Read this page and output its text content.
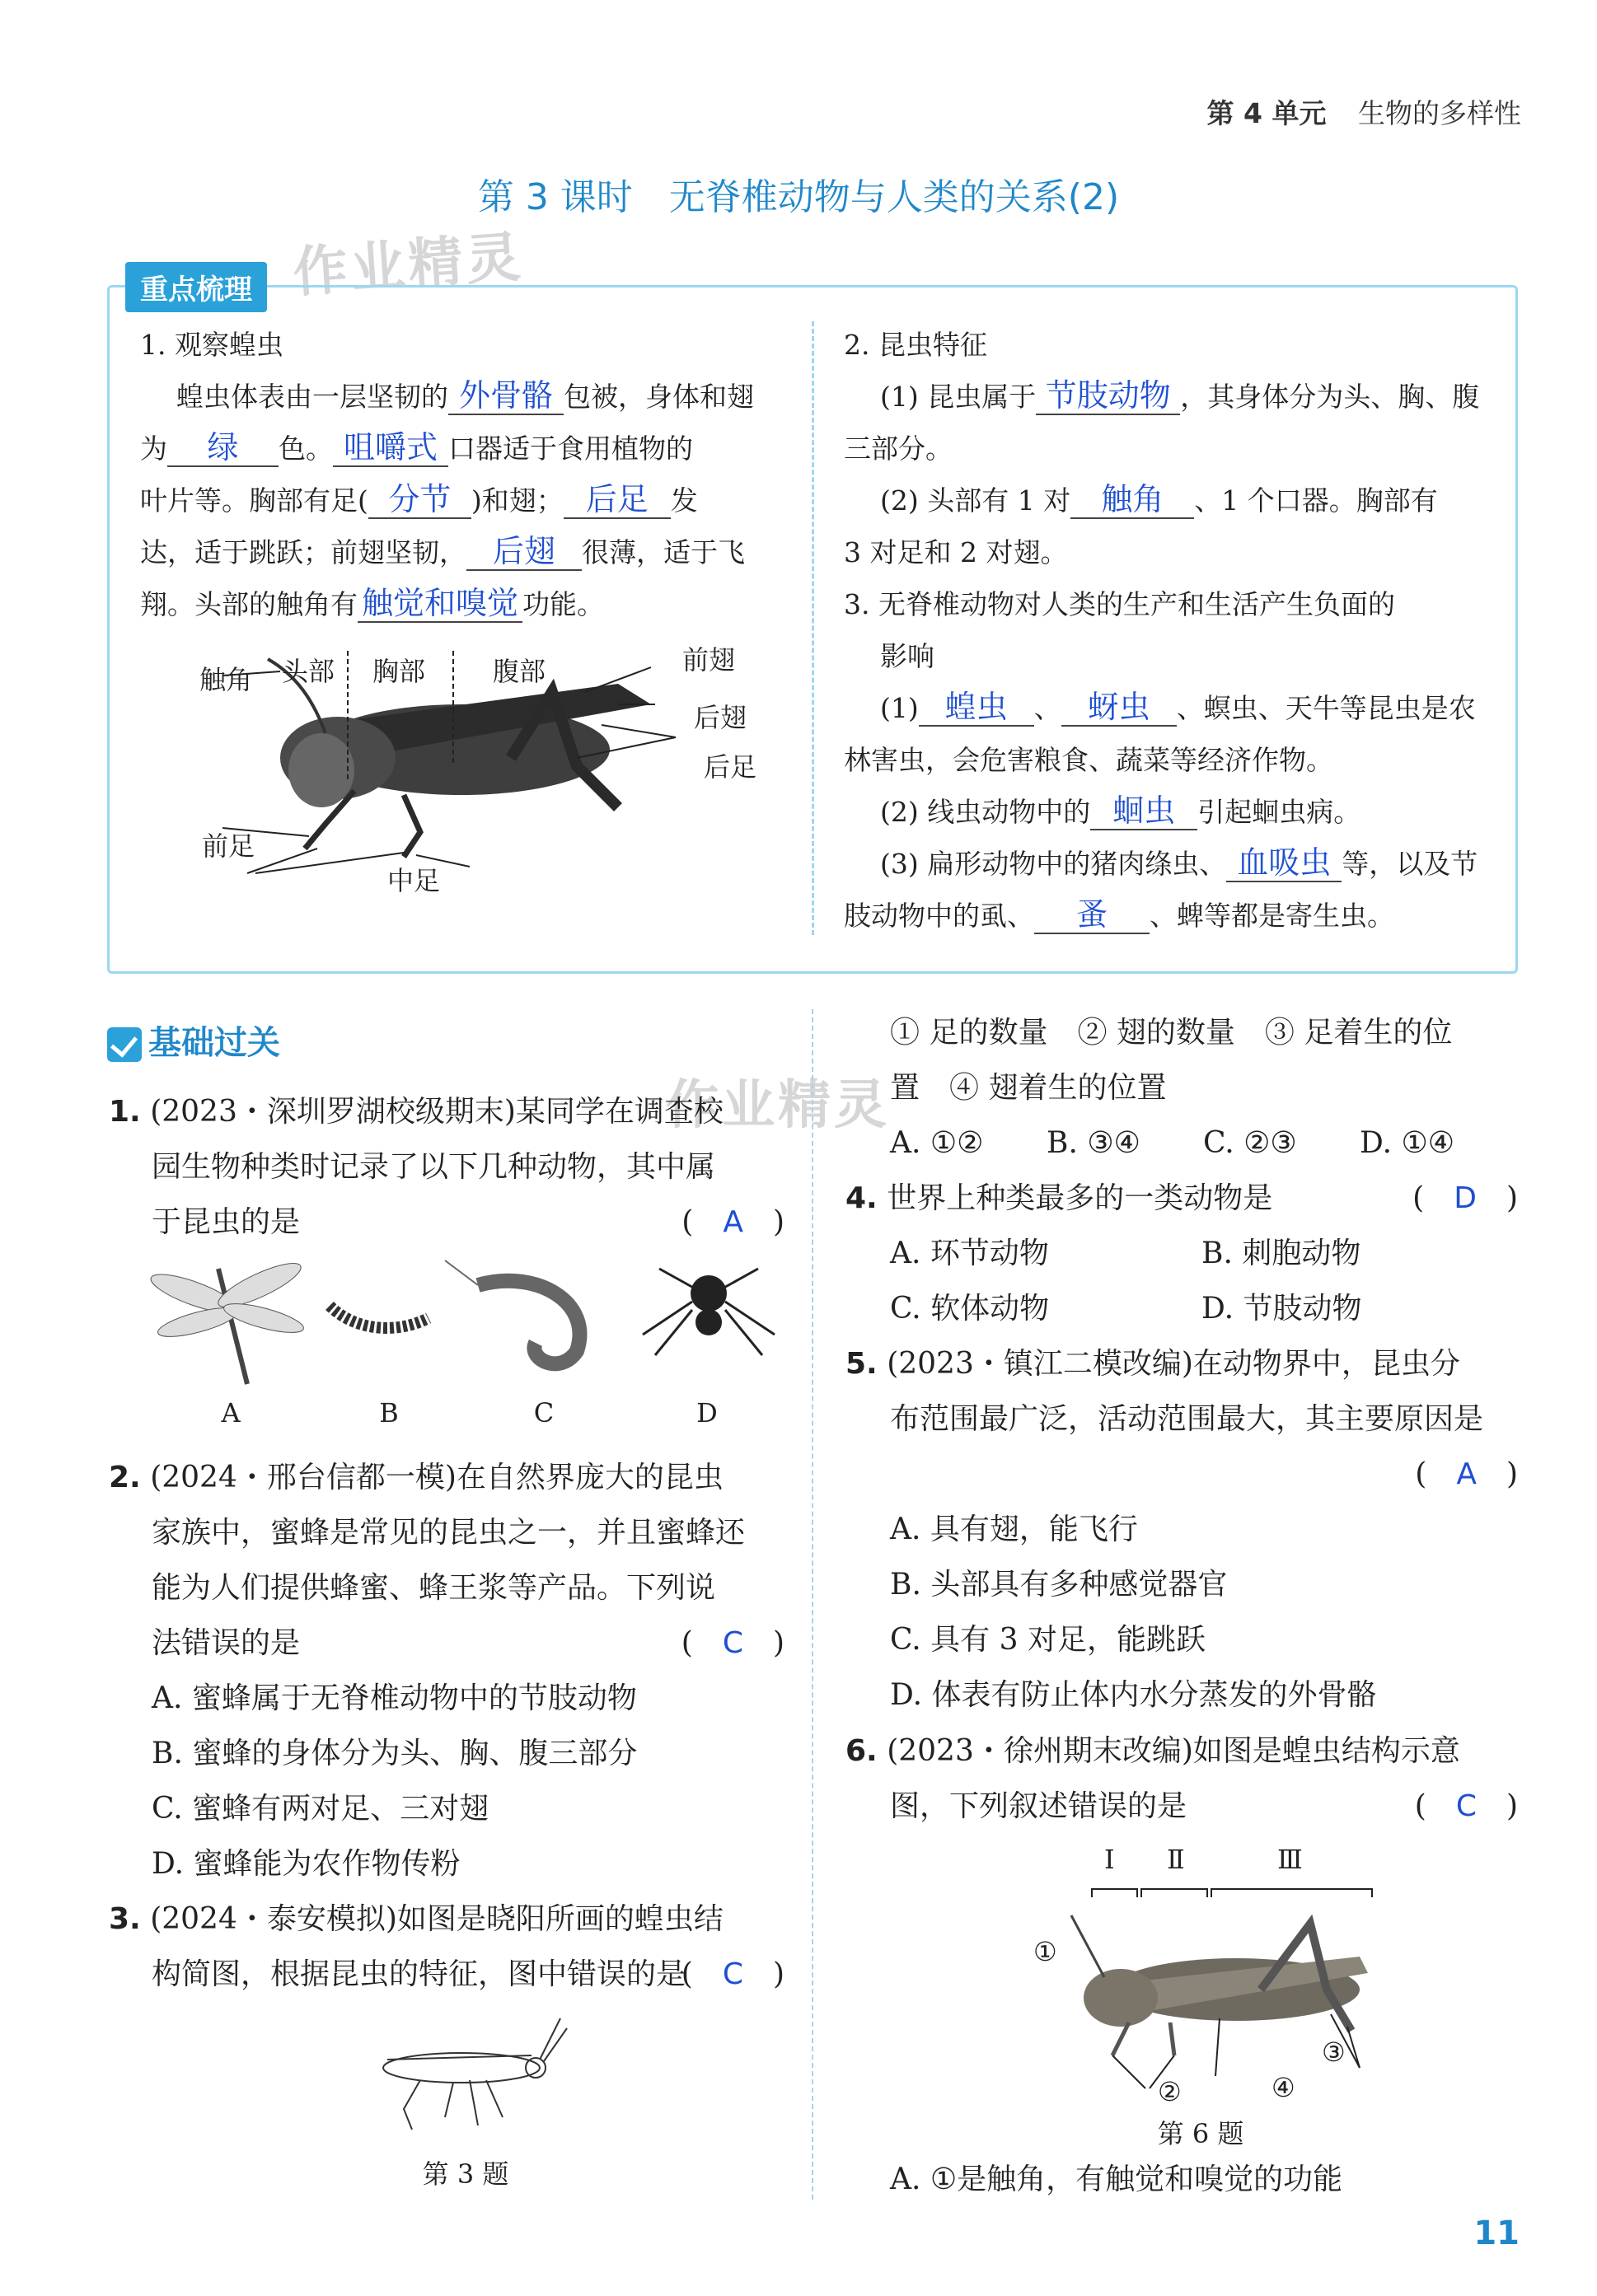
第 4 单元 生物的多样性
第 3 课时　无脊椎动物与人类的关系(2)
作业精灵
作业精灵
重点梳理
1. 观察蝗虫
蝗虫体表由一层坚韧的 外骨骼 包被，身体和翅
为 绿 色。 咀嚼式 口器适于食用植物的
叶片等。胸部有足( 分节 )和翅； 后足 发
达，适于跳跃；前翅坚韧， 后翅 很薄，适于飞
翔。头部的触角有 触觉和嗅觉 功能。
触角 头部 胸部	腹部	前翅
后翅
后足
前足
中足
2. 昆虫特征
(1) 昆虫属于 节肢动物 ，其身体分为头、胸、腹
三部分。
(2) 头部有 1 对 触角 、1 个口器。胸部有
3 对足和 2 对翅。
3. 无脊椎动物对人类的生产和生活产生负面的
影响
(1) 蝗虫 、 蚜虫 、螟虫、天牛等昆虫是农
林害虫，会危害粮食、蔬菜等经济作物。
(2) 线虫动物中的 蛔虫 引起蛔虫病。
(3) 扁形动物中的猪肉绦虫、 血吸虫 等，以及节
肢动物中的虱、 蚤 、蜱等都是寄生虫。
基础过关
1. (2023・深圳罗湖校级期末)某同学在调查校
园生物种类时记录了以下几种动物，其中属
于昆虫的是	(　A　)
A	B	C	D
2. (2024・邢台信都一模)在自然界庞大的昆虫
家族中，蜜蜂是常见的昆虫之一，并且蜜蜂还
能为人们提供蜂蜜、蜂王浆等产品。下列说
法错误的是	(　C　)
A. 蜜蜂属于无脊椎动物中的节肢动物
B. 蜜蜂的身体分为头、胸、腹三部分
C. 蜜蜂有两对足、三对翅
D. 蜜蜂能为农作物传粉
3. (2024・泰安模拟)如图是晓阳所画的蝗虫结
构简图，根据昆虫的特征，图中错误的是
(　C　)
第 3 题
① 足的数量　② 翅的数量　③ 足着生的位
置　④ 翅着生的位置
A. ①②	B. ③④	C. ②③	D. ①④
4. 世界上种类最多的一类动物是	(　D　)
A. 环节动物	B. 刺胞动物
C. 软体动物	D. 节肢动物
5. (2023・镇江二模改编)在动物界中，昆虫分
布范围最广泛，活动范围最大，其主要原因是
(　A　)
A. 具有翅，能飞行
B. 头部具有多种感觉器官
C. 具有 3 对足，能跳跃
D. 体表有防止体内水分蒸发的外骨骼
6. (2023・徐州期末改编)如图是蝗虫结构示意
图，下列叙述错误的是	(　C　)
Ⅰ Ⅱ	Ⅲ
①
②
③
④
第 6 题
A. ①是触角，有触觉和嗅觉的功能
11
